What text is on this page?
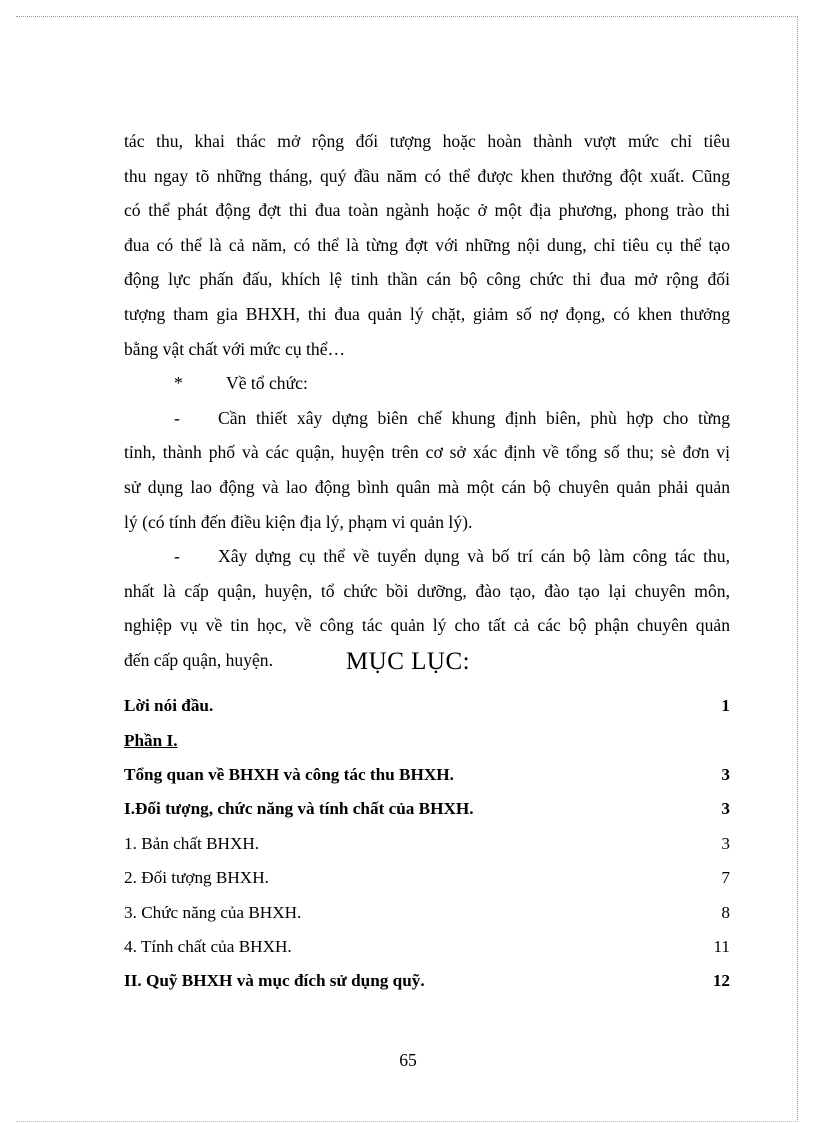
tác thu, khai thác mở rộng đối tượng hoặc hoàn thành vượt mức chỉ tiêu
thu ngay tõ những tháng, quý đầu năm có thể được khen thưởng đột xuất. Cũng
có thể phát động đợt thi đua toàn ngành hoặc ở một địa phương, phong trào thi
đua có thể là cả năm, có thể là từng đợt với những nội dung, chỉ tiêu cụ thể tạo
động lực phấn đấu, khích lệ tinh thần cán bộ công chức thi đua mở rộng đối
tượng tham gia BHXH, thi đua quản lý chặt, giảm số nợ đọng, có khen thưởng
bằng vật chất với mức cụ thể…

* Về tổ chức:

- Cần thiết xây dựng biên chế khung định biên, phù hợp cho từng
tỉnh, thành phố và các quận, huyện trên cơ sở xác định về tổng số thu; sè đơn vị
sử dụng lao động và lao động bình quân mà một cán bộ chuyên quản phải quản
lý (có tính đến điều kiện địa lý, phạm vi quản lý).

- Xây dựng cụ thể về tuyển dụng và bố trí cán bộ làm công tác thu,
nhất là cấp quận, huyện, tổ chức bồi dưỡng, đào tạo, đào tạo lại chuyên môn,
nghiệp vụ về tin học, về công tác quản lý cho tất cả các bộ phận chuyên quản
đến cấp quận, huyện.	MỤC LỤC:
Lời nói đầu.	1
Phần I.
Tổng quan về BHXH và công tác thu BHXH.	3
I.Đối tượng, chức năng và tính chất của BHXH.	3
1. Bản chất BHXH.	3
2. Đối tượng BHXH.	7
3. Chức năng của BHXH.	8
4. Tính chất của BHXH.	11
II. Quỹ BHXH và mục đích sử dụng quỹ.	12
65
